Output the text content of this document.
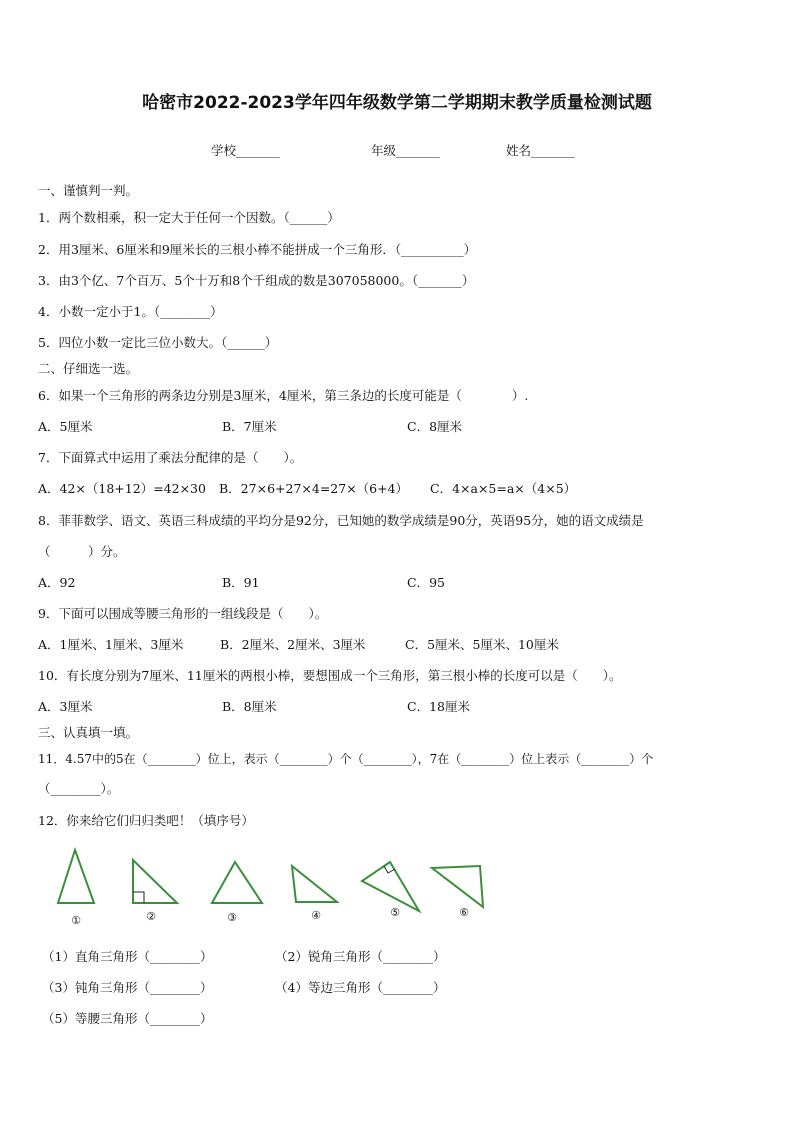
哈密市2022-2023学年四年级数学第二学期期末教学质量检测试题
学校_______	年级_______	姓名_______
一、谨慎判一判。
1．两个数相乘，积一定大于任何一个因数。（______）
2．用3厘米、6厘米和9厘米长的三根小棒不能拼成一个三角形．（__________）
3．由3个亿、7个百万、5个十万和8个千组成的数是307058000。（_______）
4．小数一定小于1。（________）
5．四位小数一定比三位小数大。（______）
二、仔细选一选。
6．如果一个三角形的两条边分别是3厘米，4厘米，第三条边的长度可能是（　　　　）.
A．5厘米	B．7厘米	C．8厘米
7．下面算式中运用了乘法分配律的是（　　）。
A．42×（18+12）=42×30 B．27×6+27×4=27×（6+4） C．4×a×5=a×（4×5）
8．菲菲数学、语文、英语三科成绩的平均分是92分，已知她的数学成绩是90分，英语95分，她的语文成绩是
（　　　）分。
A．92	B．91	C．95
9．下面可以围成等腰三角形的一组线段是（　　）。
A．1厘米、1厘米、3厘米	B．2厘米、2厘米、3厘米	C．5厘米、5厘米、10厘米
10．有长度分别为7厘米、11厘米的两根小棒，要想围成一个三角形，第三根小棒的长度可以是（　　）。
A．3厘米	B．8厘米	C．18厘米
三、认真填一填。
11．4.57中的5在（________）位上，表示（________）个（________），7在（________）位上表示（________）个
（________）。
12．你来给它们归归类吧！（填序号）
①	②	③	④	⑤	⑥
（1）直角三角形（________）	（2）锐角三角形（________）
（3）钝角三角形（________）	（4）等边三角形（________）
（5）等腰三角形（________）
